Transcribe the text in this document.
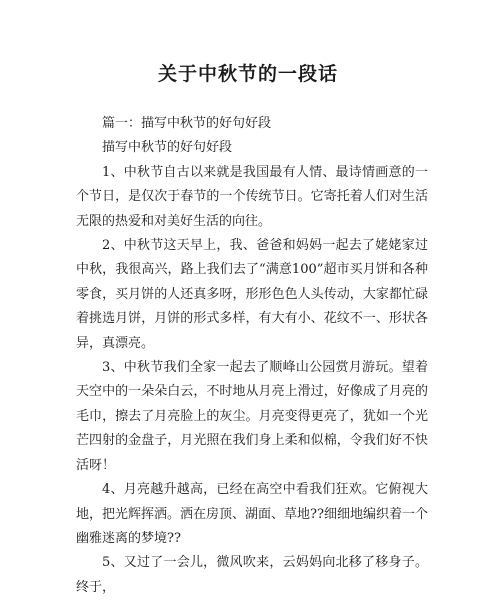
关于中秋节的一段话

篇一：描写中秋节的好句好段

描写中秋节的好句好段

1、中秋节自古以来就是我国最有人情、最诗情画意的一个节日，是仅次于春节的一个传统节日。它寄托着人们对生活无限的热爱和对美好生活的向往。

2、中秋节这天早上，我、爸爸和妈妈一起去了姥姥家过中秋，我很高兴，路上我们去了“满意100”超市买月饼和各种零食，买月饼的人还真多呀，形形色色人头传动，大家都忙碌着挑选月饼，月饼的形式多样，有大有小、花纹不一、形状各异，真漂亮。

3、中秋节我们全家一起去了顺峰山公园赏月游玩。望着天空中的一朵朵白云，不时地从月亮上滑过，好像成了月亮的毛巾，擦去了月亮脸上的灰尘。月亮变得更亮了，犹如一个光芒四射的金盘子，月光照在我们身上柔和似棉，令我们好不快活呀！

4、月亮越升越高，已经在高空中看我们狂欢。它俯视大地，把光辉挥洒。洒在房顶、湖面、草地??细细地编织着一个幽雅迷离的梦境??

5、又过了一会儿，微风吹来，云妈妈向北移了移身子。终于，
